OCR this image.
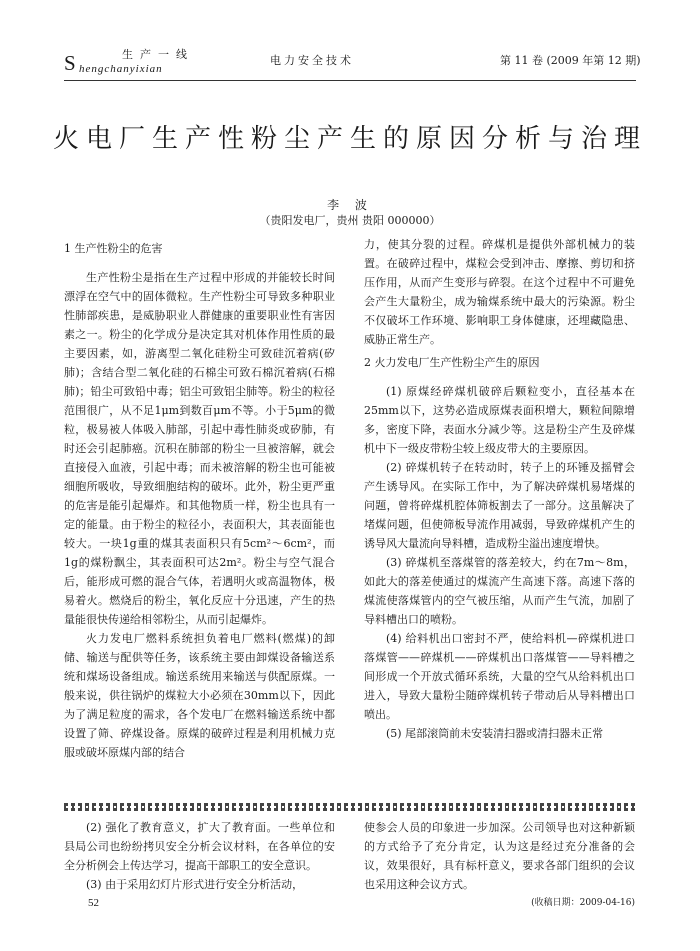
S	生产一线
hengchanyixian
电力安全技术	第 11 卷 (2009 年第 12 期)
火电厂生产性粉尘产生的原因分析与治理
李 波
（贵阳发电厂，贵州 贵阳 000000）

1 生产性粉尘的危害

生产性粉尘是指在生产过程中形成的并能较长时间漂浮在空气中的固体微粒。生产性粉尘可导致多种职业性肺部疾患，是威胁职业人群健康的重要职业性有害因素之一。粉尘的化学成分是决定其对机体作用性质的最主要因素，如，游离型二氧化硅粉尘可致硅沉着病(矽肺)；含结合型二氧化硅的石棉尘可致石棉沉着病(石棉肺)；铅尘可致铅中毒；铝尘可致铝尘肺等。粉尘的粒径范围很广，从不足1μm到数百μm不等。小于5μm的微粒，极易被人体吸入肺部，引起中毒性肺炎或矽肺，有时还会引起肺癌。沉积在肺部的粉尘一旦被溶解，就会直接侵入血液，引起中毒；而未被溶解的粉尘也可能被细胞所吸收，导致细胞结构的破坏。此外，粉尘更严重的危害是能引起爆炸。和其他物质一样，粉尘也具有一定的能量。由于粉尘的粒径小，表面积大，其表面能也较大。一块1g重的煤其表面积只有5cm²～6cm²，而1g的煤粉飘尘，其表面积可达2m²。粉尘与空气混合后，能形成可燃的混合气体，若遇明火或高温物体，极易着火。燃烧后的粉尘，氧化反应十分迅速，产生的热量能很快传递给相邻粉尘，从而引起爆炸。

火力发电厂燃料系统担负着电厂燃料(燃煤)的卸储、输送与配供等任务，该系统主要由卸煤设备输送系统和煤场设备组成。输送系统用来输送与供配原煤。一般来说，供往锅炉的煤粒大小必须在30mm以下，因此为了满足粒度的需求，各个发电厂在燃料输送系统中都设置了筛、碎煤设备。原煤的破碎过程是利用机械力克服或破坏原煤内部的结合

力，使其分裂的过程。碎煤机是提供外部机械力的装置。在破碎过程中，煤粒会受到冲击、摩擦、剪切和挤压作用，从而产生变形与碎裂。在这个过程中不可避免会产生大量粉尘，成为输煤系统中最大的污染源。粉尘不仅破坏工作环境、影响职工身体健康，还埋藏隐患、威胁正常生产。

2 火力发电厂生产性粉尘产生的原因

(1) 原煤经碎煤机破碎后颗粒变小，直径基本在25mm以下，这势必造成原煤表面积增大，颗粒间隙增多，密度下降，表面水分减少等。这是粉尘产生及碎煤机中下一级皮带粉尘较上级皮带大的主要原因。

(2) 碎煤机转子在转动时，转子上的环锤及摇臂会产生诱导风。在实际工作中，为了解决碎煤机易堵煤的问题，曾将碎煤机腔体筛板割去了一部分。这虽解决了堵煤问题，但使筛板导流作用减弱，导致碎煤机产生的诱导风大量流向导料槽，造成粉尘溢出速度增快。

(3) 碎煤机至落煤管的落差较大，约在7m～8m，如此大的落差使通过的煤流产生高速下落。高速下落的煤流使落煤管内的空气被压缩，从而产生气流，加剧了导料槽出口的喷粉。

(4) 给料机出口密封不严，使给料机—碎煤机进口落煤管——碎煤机——碎煤机出口落煤管——导料槽之间形成一个开放式循环系统，大量的空气从给料机出口进入，导致大量粉尘随碎煤机转子带动后从导料槽出口喷出。

(5) 尾部滚筒前未安装清扫器或清扫器未正常

(2) 强化了教育意义，扩大了教育面。一些单位和县局公司也纷纷拷贝安全分析会议材料，在各单位的安全分析例会上传达学习，提高干部职工的安全意识。

(3) 由于采用幻灯片形式进行安全分析活动，

使参会人员的印象进一步加深。公司领导也对这种新颖的方式给予了充分肯定，认为这是经过充分准备的会议，效果很好，具有标杆意义，要求各部门组织的会议也采用这种会议方式。

(收稿日期：2009-04-16)

52
